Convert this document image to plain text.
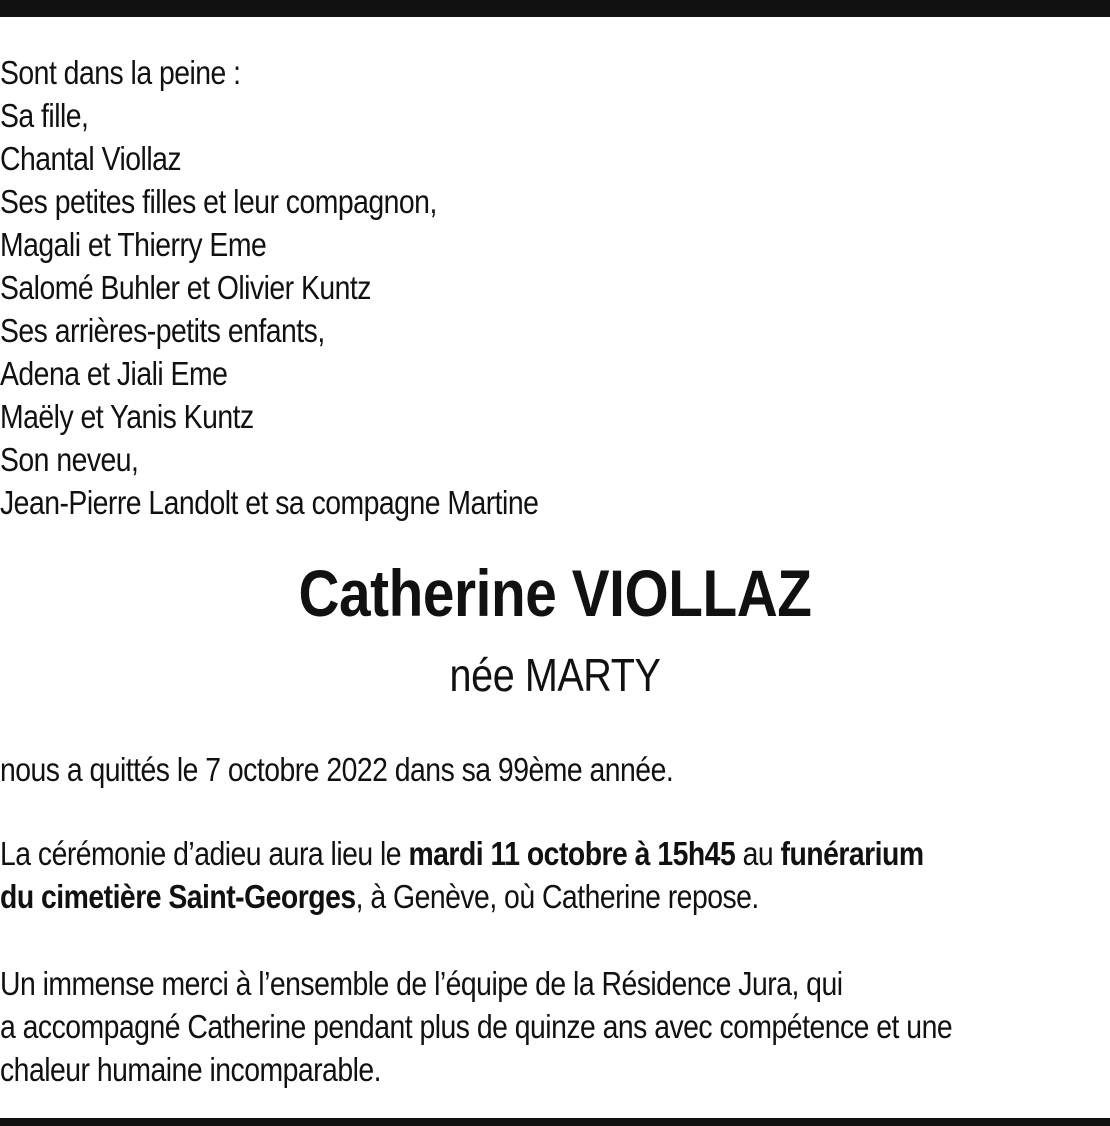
Sont dans la peine :
Sa fille,
Chantal Viollaz
Ses petites filles et leur compagnon,
Magali et Thierry Eme
Salomé Buhler et Olivier Kuntz
Ses arrières-petits enfants,
Adena et Jiali Eme
Maëly et Yanis Kuntz
Son neveu,
Jean-Pierre Landolt et sa compagne Martine
Catherine VIOLLAZ
née MARTY
nous a quittés le 7 octobre 2022 dans sa 99ème année.
La cérémonie d’adieu aura lieu le mardi 11 octobre à 15h45 au funérarium
du cimetière Saint-Georges, à Genève, où Catherine repose.
Un immense merci à l’ensemble de l’équipe de la Résidence Jura, qui
a accompagné Catherine pendant plus de quinze ans avec compétence et une
chaleur humaine incomparable.
